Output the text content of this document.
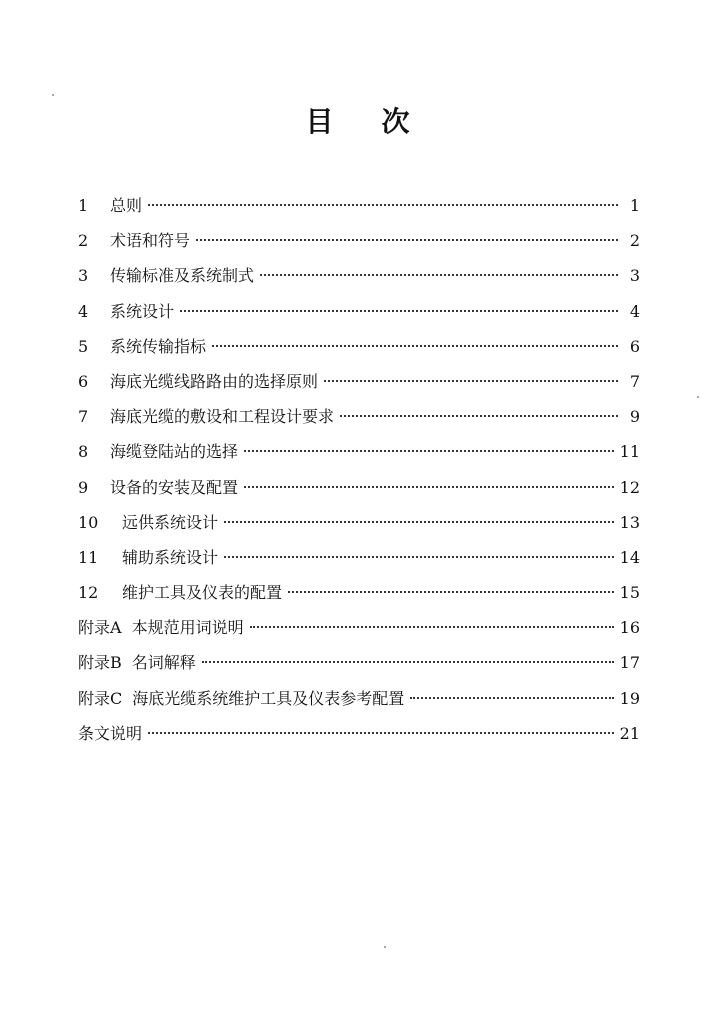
目 次
1	总则	1
2	术语和符号	2
3	传输标准及系统制式	3
4	系统设计	4
5	系统传输指标	6
6	海底光缆线路路由的选择原则	7
7	海底光缆的敷设和工程设计要求	9
8	海缆登陆站的选择	11
9	设备的安装及配置	12
10	远供系统设计	13
11	辅助系统设计	14
12	维护工具及仪表的配置	15
附录A 本规范用词说明	16
附录B 名词解释	17
附录C 海底光缆系统维护工具及仪表参考配置	19
条文说明	21
